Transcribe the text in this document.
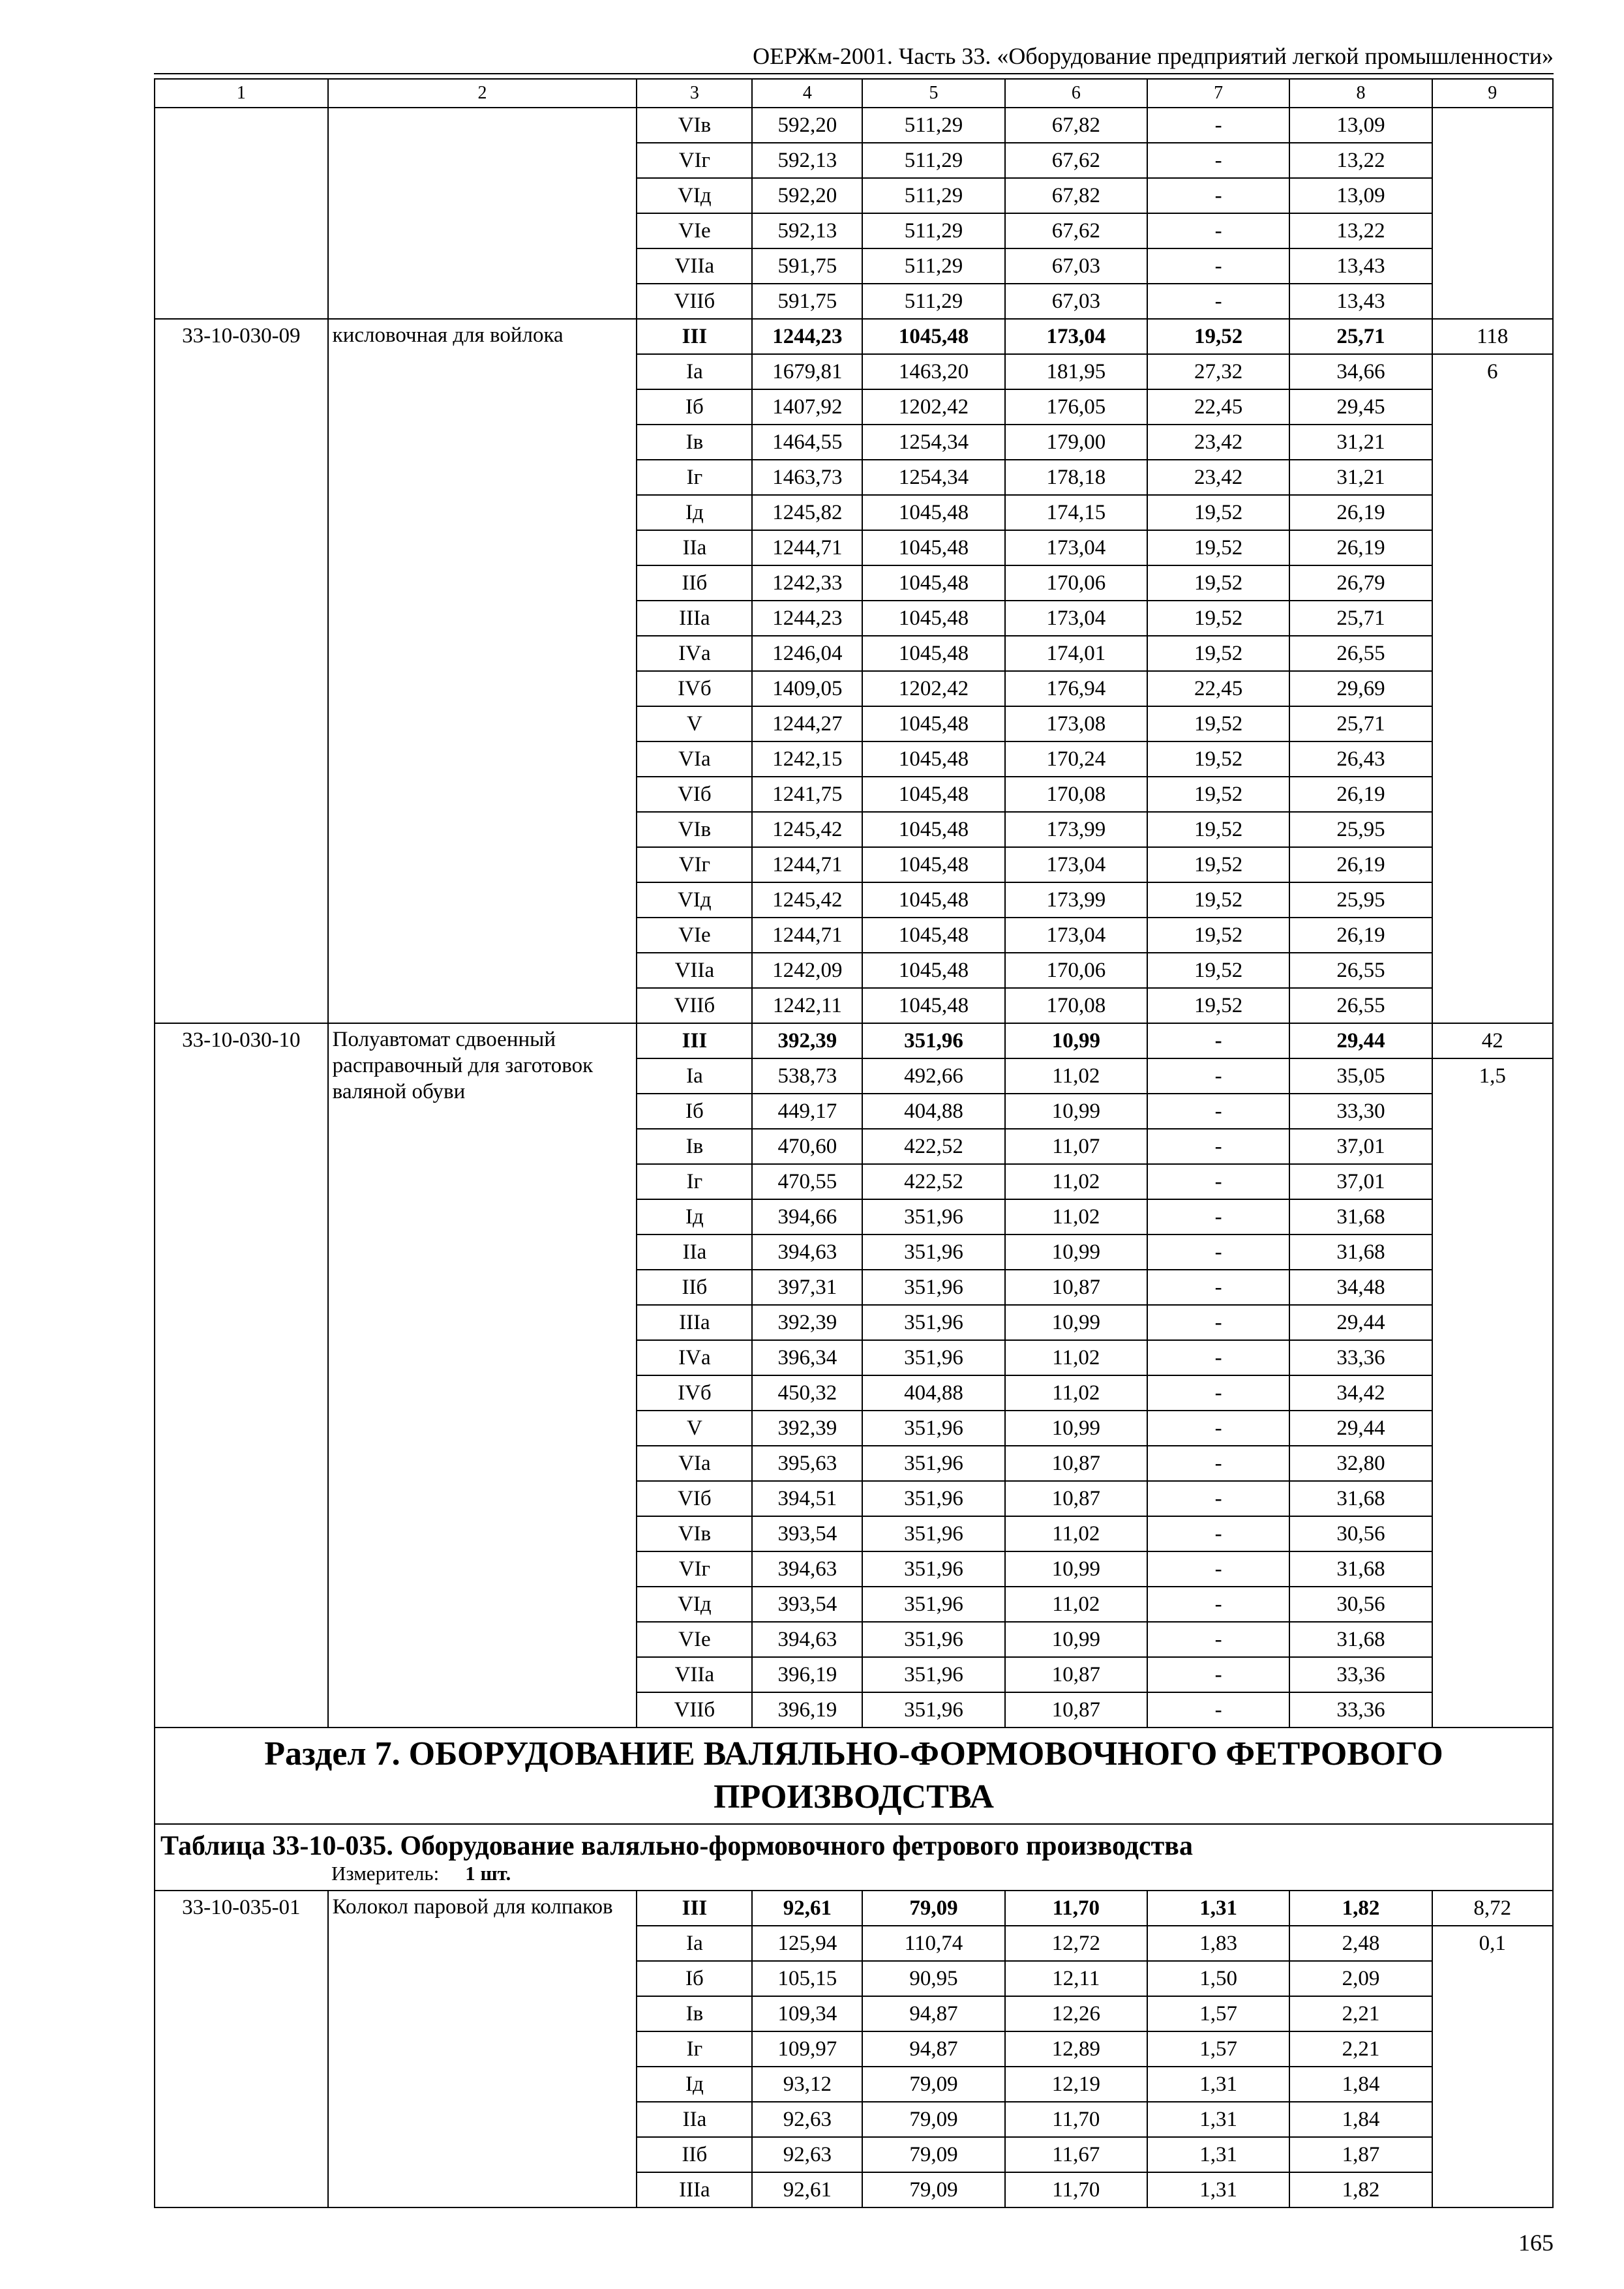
ОЕРЖм-2001. Часть 33. «Оборудование предприятий легкой промышленности»
1	2	3	4	5	6	7	8	9
		VIв	592,20	511,29	67,82	-	13,09	
		VIг	592,13	511,29	67,62	-	13,22	
		VIд	592,20	511,29	67,82	-	13,09	
		VIе	592,13	511,29	67,62	-	13,22	
		VIIа	591,75	511,29	67,03	-	13,43	
		VIIб	591,75	511,29	67,03	-	13,43	
33-10-030-09	кисловочная для войлока	III	1244,23	1045,48	173,04	19,52	25,71	118
		Iа	1679,81	1463,20	181,95	27,32	34,66	6
		Iб	1407,92	1202,42	176,05	22,45	29,45	
		Iв	1464,55	1254,34	179,00	23,42	31,21	
		Iг	1463,73	1254,34	178,18	23,42	31,21	
		Iд	1245,82	1045,48	174,15	19,52	26,19	
		IIа	1244,71	1045,48	173,04	19,52	26,19	
		IIб	1242,33	1045,48	170,06	19,52	26,79	
		IIIа	1244,23	1045,48	173,04	19,52	25,71	
		IVа	1246,04	1045,48	174,01	19,52	26,55	
		IVб	1409,05	1202,42	176,94	22,45	29,69	
		V	1244,27	1045,48	173,08	19,52	25,71	
		VIа	1242,15	1045,48	170,24	19,52	26,43	
		VIб	1241,75	1045,48	170,08	19,52	26,19	
		VIв	1245,42	1045,48	173,99	19,52	25,95	
		VIг	1244,71	1045,48	173,04	19,52	26,19	
		VIд	1245,42	1045,48	173,99	19,52	25,95	
		VIе	1244,71	1045,48	173,04	19,52	26,19	
		VIIа	1242,09	1045,48	170,06	19,52	26,55	
		VIIб	1242,11	1045,48	170,08	19,52	26,55	
33-10-030-10	Полуавтомат сдвоенный расправочный для заготовок валяной обуви	III	392,39	351,96	10,99	-	29,44	42
		Iа	538,73	492,66	11,02	-	35,05	1,5
		Iб	449,17	404,88	10,99	-	33,30	
		Iв	470,60	422,52	11,07	-	37,01	
		Iг	470,55	422,52	11,02	-	37,01	
		Iд	394,66	351,96	11,02	-	31,68	
		IIа	394,63	351,96	10,99	-	31,68	
		IIб	397,31	351,96	10,87	-	34,48	
		IIIа	392,39	351,96	10,99	-	29,44	
		IVа	396,34	351,96	11,02	-	33,36	
		IVб	450,32	404,88	11,02	-	34,42	
		V	392,39	351,96	10,99	-	29,44	
		VIа	395,63	351,96	10,87	-	32,80	
		VIб	394,51	351,96	10,87	-	31,68	
		VIв	393,54	351,96	11,02	-	30,56	
		VIг	394,63	351,96	10,99	-	31,68	
		VIд	393,54	351,96	11,02	-	30,56	
		VIе	394,63	351,96	10,99	-	31,68	
		VIIа	396,19	351,96	10,87	-	33,36	
		VIIб	396,19	351,96	10,87	-	33,36	
Раздел 7. ОБОРУДОВАНИЕ ВАЛЯЛЬНО-ФОРМОВОЧНОГО ФЕТРОВОГО ПРОИЗВОДСТВА								

Таблица 33-10-035. Оборудование валяльно-формовочного фетрового производства
Измеритель: 1 шт.								

33-10-035-01	Колокол паровой для колпаков	III	92,61	79,09	11,70	1,31	1,82	8,72
		Iа	125,94	110,74	12,72	1,83	2,48	0,1
		Iб	105,15	90,95	12,11	1,50	2,09	
		Iв	109,34	94,87	12,26	1,57	2,21	
		Iг	109,97	94,87	12,89	1,57	2,21	
		Iд	93,12	79,09	12,19	1,31	1,84	
		IIа	92,63	79,09	11,70	1,31	1,84	
		IIб	92,63	79,09	11,67	1,31	1,87	
		IIIа	92,61	79,09	11,70	1,31	1,82	
165
